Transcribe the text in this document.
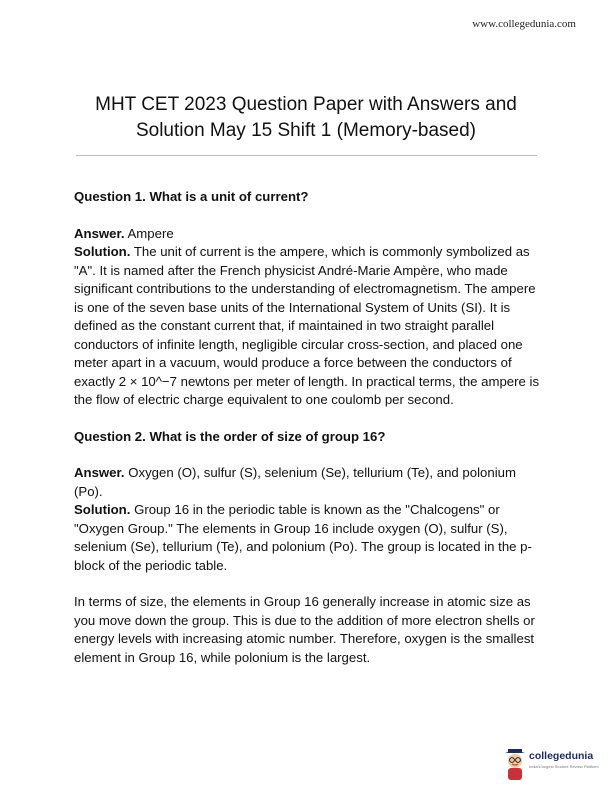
www.collegedunia.com
MHT CET 2023 Question Paper with Answers and
Solution May 15 Shift 1 (Memory-based)

Question 1. What is a unit of current?

Answer. Ampere

Solution. The unit of current is the ampere, which is commonly symbolized as "A". It is named after the French physicist André-Marie Ampère, who made significant contributions to the understanding of electromagnetism. The ampere is one of the seven base units of the International System of Units (SI). It is defined as the constant current that, if maintained in two straight parallel conductors of infinite length, negligible circular cross-section, and placed one meter apart in a vacuum, would produce a force between the conductors of exactly 2 × 10^−7 newtons per meter of length. In practical terms, the ampere is the flow of electric charge equivalent to one coulomb per second.

Question 2. What is the order of size of group 16?

Answer. Oxygen (O), sulfur (S), selenium (Se), tellurium (Te), and polonium (Po).

Solution. Group 16 in the periodic table is known as the "Chalcogens" or "Oxygen Group." The elements in Group 16 include oxygen (O), sulfur (S), selenium (Se), tellurium (Te), and polonium (Po). The group is located in the p-block of the periodic table.

In terms of size, the elements in Group 16 generally increase in atomic size as you move down the group. This is due to the addition of more electron shells or energy levels with increasing atomic number. Therefore, oxygen is the smallest element in Group 16, while polonium is the largest.

collegedunia
India's largest Student Review Platform
